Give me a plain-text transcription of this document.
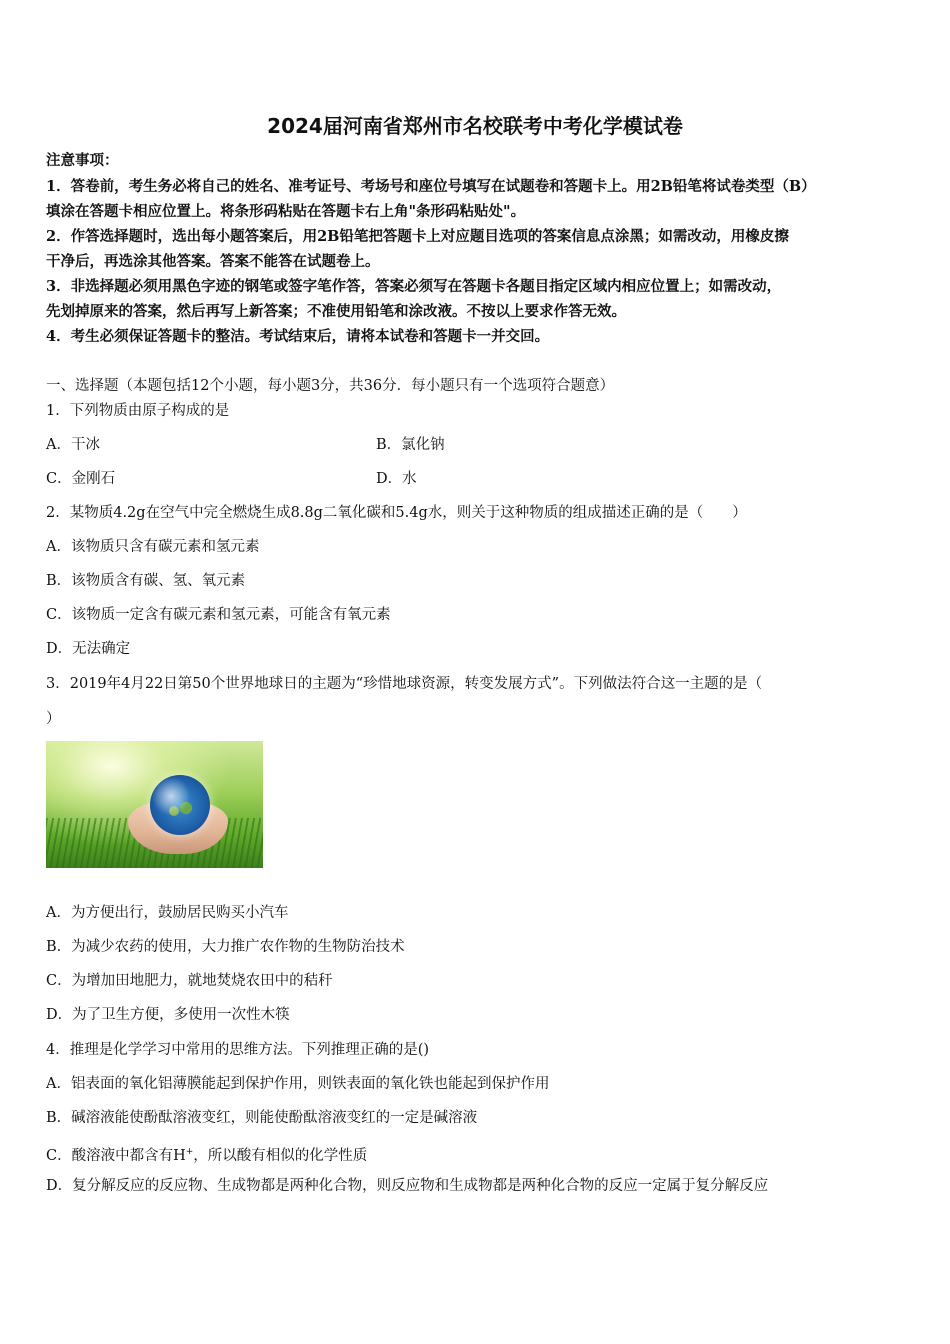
2024届河南省郑州市名校联考中考化学模试卷
注意事项：
1．答卷前，考生务必将自己的姓名、准考证号、考场号和座位号填写在试题卷和答题卡上。用2B铅笔将试卷类型（B）
填涂在答题卡相应位置上。将条形码粘贴在答题卡右上角"条形码粘贴处"。
2．作答选择题时，选出每小题答案后，用2B铅笔把答题卡上对应题目选项的答案信息点涂黑；如需改动，用橡皮擦
干净后，再选涂其他答案。答案不能答在试题卷上。
3．非选择题必须用黑色字迹的钢笔或签字笔作答，答案必须写在答题卡各题目指定区域内相应位置上；如需改动，
先划掉原来的答案，然后再写上新答案；不准使用铅笔和涂改液。不按以上要求作答无效。
4．考生必须保证答题卡的整洁。考试结束后，请将本试卷和答题卡一并交回。
一、选择题（本题包括12个小题，每小题3分，共36分．每小题只有一个选项符合题意）
1．下列物质由原子构成的是
A．干冰	B．氯化钠
C．金刚石	D．水
2．某物质4.2g在空气中完全燃烧生成8.8g二氧化碳和5.4g水，则关于这种物质的组成描述正确的是（　　）
A．该物质只含有碳元素和氢元素
B．该物质含有碳、氢、氧元素
C．该物质一定含有碳元素和氢元素，可能含有氧元素
D．无法确定
3．2019年4月22日第50个世界地球日的主题为“珍惜地球资源，转变发展方式”。下列做法符合这一主题的是（
）
A．为方便出行，鼓励居民购买小汽车
B．为减少农药的使用，大力推广农作物的生物防治技术
C．为增加田地肥力，就地焚烧农田中的秸秆
D．为了卫生方便，多使用一次性木筷
4．推理是化学学习中常用的思维方法。下列推理正确的是()
A．铝表面的氧化铝薄膜能起到保护作用，则铁表面的氧化铁也能起到保护作用
B．碱溶液能使酚酞溶液变红，则能使酚酞溶液变红的一定是碱溶液
C．酸溶液中都含有H+，所以酸有相似的化学性质
D．复分解反应的反应物、生成物都是两种化合物，则反应物和生成物都是两种化合物的反应一定属于复分解反应
